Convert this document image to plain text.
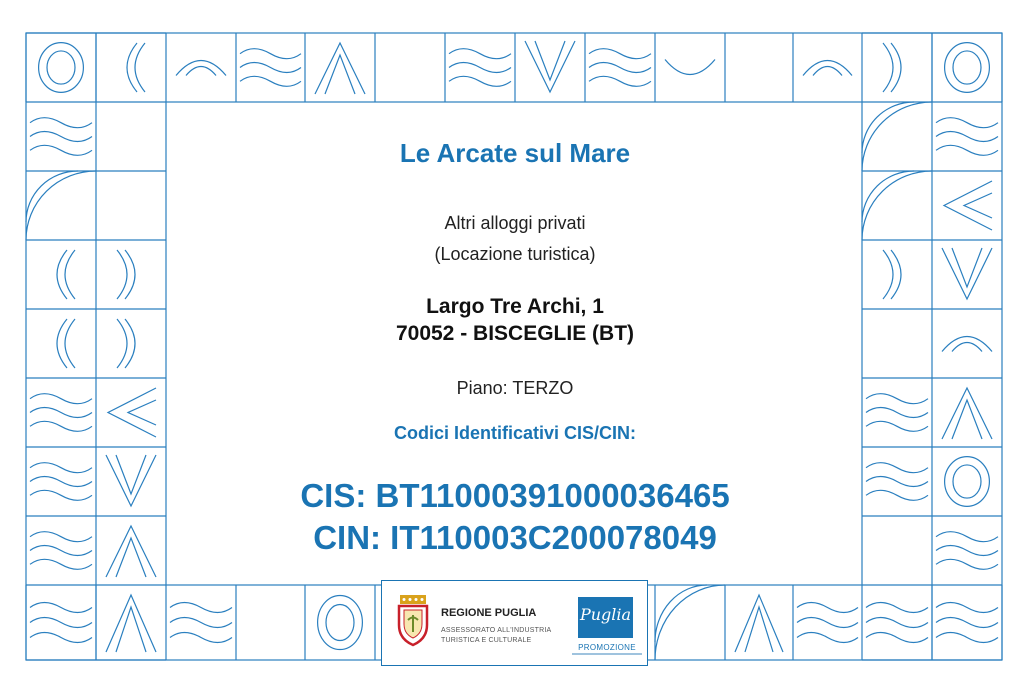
Le Arcate sul Mare
Altri alloggi privati
(Locazione turistica)
Largo Tre Archi, 1
70052 - BISCEGLIE (BT)
Piano: TERZO
Codici Identificativi CIS/CIN:
CIS: BT11000391000036465
CIN: IT110003C200078049
REGIONE PUGLIA
ASSESSORATO ALL'INDUSTRIA
TURISTICA E CULTURALE
Puglia
PROMOZIONE
